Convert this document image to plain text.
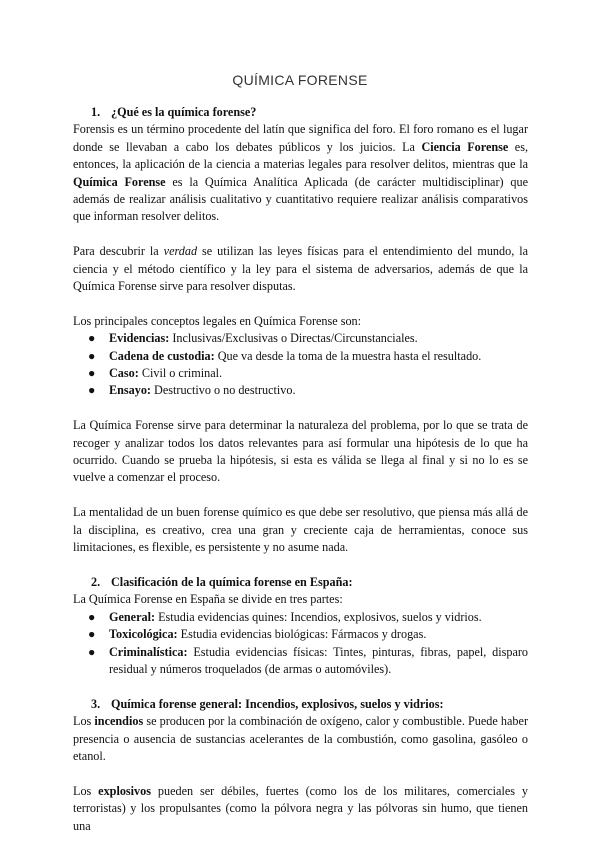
QUÍMICA FORENSE
1. ¿Qué es la química forense?

Forensis es un término procedente del latín que significa del foro. El foro romano es el lugar donde se llevaban a cabo los debates públicos y los juicios. La Ciencia Forense es, entonces, la aplicación de la ciencia a materias legales para resolver delitos, mientras que la Química Forense es la Química Analítica Aplicada (de carácter multidisciplinar) que además de realizar análisis cualitativo y cuantitativo requiere realizar análisis comparativos que informan resolver delitos.

Para descubrir la verdad se utilizan las leyes físicas para el entendimiento del mundo, la ciencia y el método científico y la ley para el sistema de adversarios, además de que la Química Forense sirve para resolver disputas.

Los principales conceptos legales en Química Forense son:

● Evidencias: Inclusivas/Exclusivas o Directas/Circunstanciales.
● Cadena de custodia: Que va desde la toma de la muestra hasta el resultado.
● Caso: Civil o criminal.
● Ensayo: Destructivo o no destructivo.

La Química Forense sirve para determinar la naturaleza del problema, por lo que se trata de recoger y analizar todos los datos relevantes para así formular una hipótesis de lo que ha ocurrido. Cuando se prueba la hipótesis, si esta es válida se llega al final y si no lo es se vuelve a comenzar el proceso.

La mentalidad de un buen forense químico es que debe ser resolutivo, que piensa más allá de la disciplina, es creativo, crea una gran y creciente caja de herramientas, conoce sus limitaciones, es flexible, es persistente y no asume nada.

2. Clasificación de la química forense en España:

La Química Forense en España se divide en tres partes:

● General: Estudia evidencias quines: Incendios, explosivos, suelos y vidrios.
● Toxicológica: Estudia evidencias biológicas: Fármacos y drogas.
● Criminalística: Estudia evidencias físicas: Tintes, pinturas, fibras, papel, disparo residual y números troquelados (de armas o automóviles).
3. Química forense general: Incendios, explosivos, suelos y vidrios:

Los incendios se producen por la combinación de oxígeno, calor y combustible. Puede haber presencia o ausencia de sustancias acelerantes de la combustión, como gasolina, gasóleo o etanol.

Los explosivos pueden ser débiles, fuertes (como los de los militares, comerciales y terroristas) y los propulsantes (como la pólvora negra y las pólvoras sin humo, que tienen una
